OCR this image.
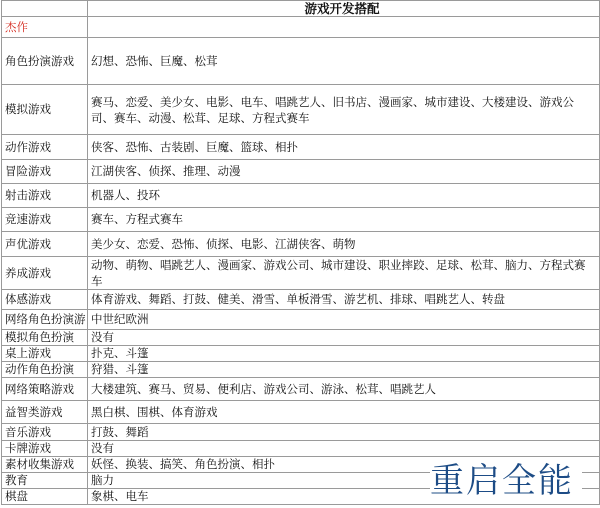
	游戏开发搭配
杰作	
角色扮演游戏	幻想、恐怖、巨魔、松茸
模拟游戏	赛马、恋爱、美少女、电影、电车、唱跳艺人、旧书店、漫画家、城市建设、大楼建设、游戏公司、赛车、动漫、松茸、足球、方程式赛车
动作游戏	侠客、恐怖、古装剧、巨魔、篮球、相扑
冒险游戏	江湖侠客、侦探、推理、动漫
射击游戏	机器人、投环
竞速游戏	赛车、方程式赛车
声优游戏	美少女、恋爱、恐怖、侦探、电影、江湖侠客、萌物
养成游戏	动物、萌物、唱跳艺人、漫画家、游戏公司、城市建设、职业摔跤、足球、松茸、脑力、方程式赛车
体感游戏	体育游戏、舞蹈、打鼓、健美、滑雪、单板滑雪、游艺机、排球、唱跳艺人、转盘
网络角色扮演游	中世纪欧洲
模拟角色扮演	没有
桌上游戏	扑克、斗篷
动作角色扮演	狩猎、斗篷
网络策略游戏	大楼建筑、赛马、贸易、便利店、游戏公司、游泳、松茸、唱跳艺人
益智类游戏	黑白棋、围棋、体育游戏
音乐游戏	打鼓、舞蹈
卡牌游戏	没有
素材收集游戏	妖怪、换装、搞笑、角色扮演、相扑
教育	脑力
棋盘	象棋、电车	重启全能
